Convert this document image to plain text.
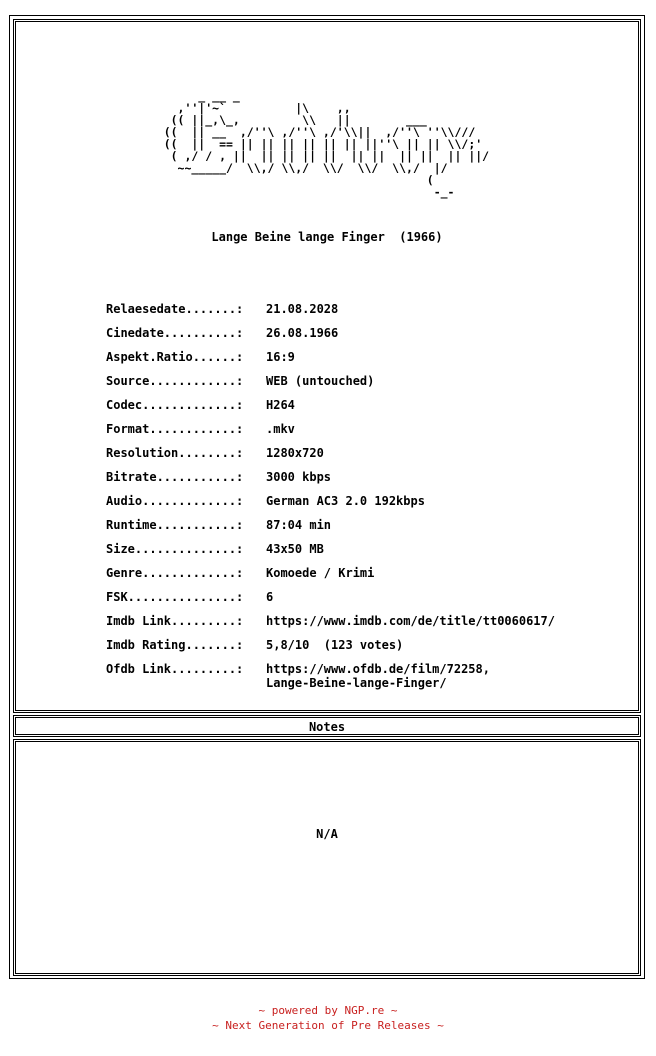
_ __ _
,''|'~`          |\    ,,
(( ||_,\_,         \\   ||        ___
((  || __  ,/''\ ,/''\ ,/'\\||  ,/''\ ''\\///
((  ||  == || || || || || || ||''\ || || \\/;'
( ,/ / , ||  || || || ||  || ||  || ||  || ||/
~~_____/  \\,/ \\,/  \\/  \\/  \\,/  |/
(
-_-
Lange Beine lange Finger  (1966)
Relaesedate.......:	21.08.2028
Cinedate..........:	26.08.1966
Aspekt.Ratio......:	16:9
Source............:	WEB (untouched)
Codec.............:	H264
Format............:	.mkv
Resolution........:	1280x720
Bitrate...........:	3000 kbps
Audio.............:	German AC3 2.0 192kbps
Runtime...........:	87:04 min
Size..............:	43x50 MB
Genre.............:	Komoede / Krimi
FSK...............:	6
Imdb Link.........:	https://www.imdb.com/de/title/tt0060617/
Imdb Rating.......:	5,8/10  (123 votes)
Ofdb Link.........:	https://www.ofdb.de/film/72258,
Lange-Beine-lange-Finger/
Notes
N/A
~ powered by NGP.re ~
~ Next Generation of Pre Releases ~
